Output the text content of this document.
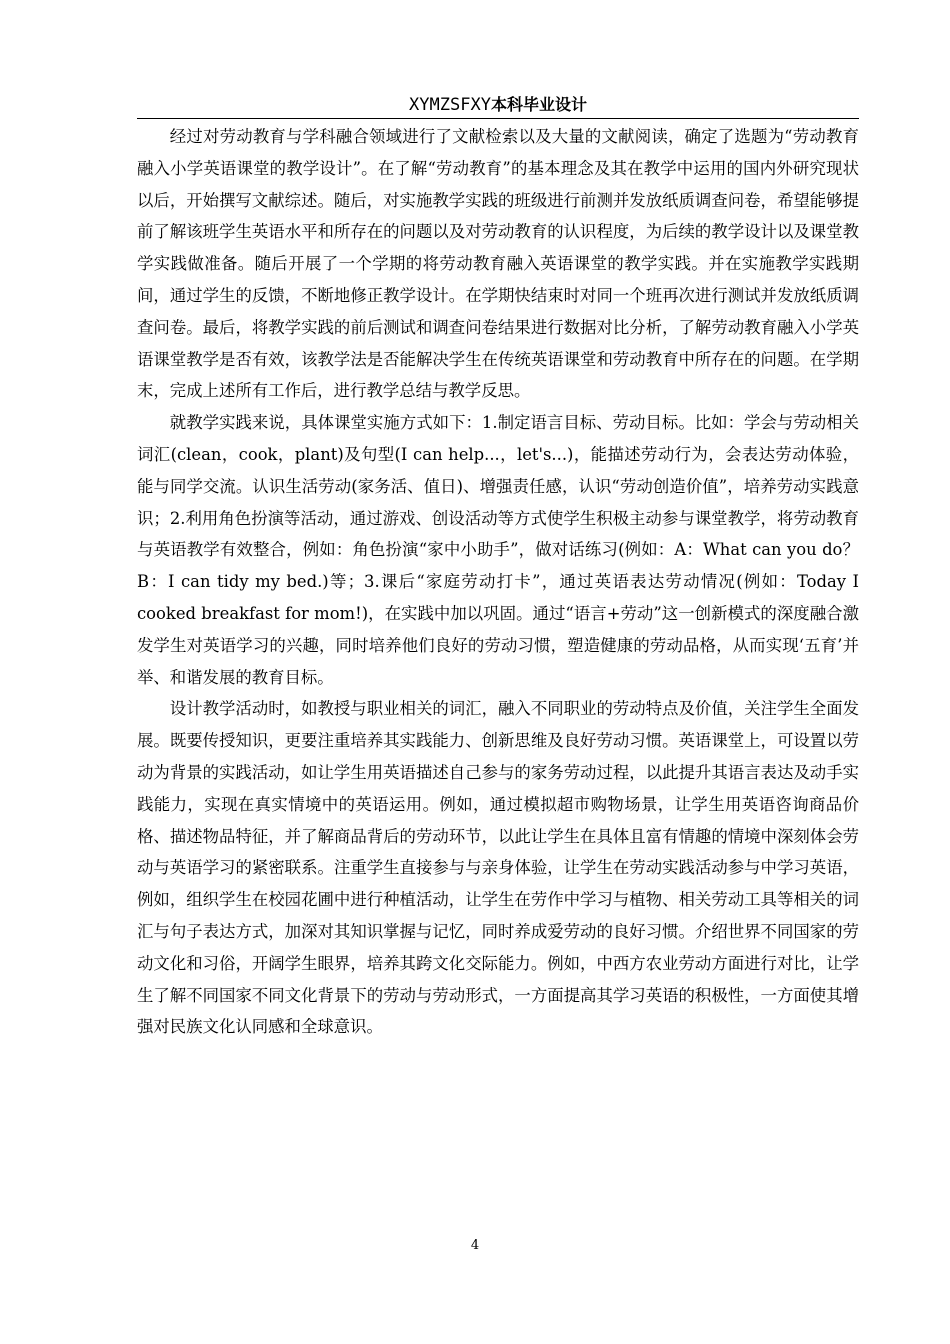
XYMZSFXY本科毕业设计

经过对劳动教育与学科融合领域进行了文献检索以及大量的文献阅读，确定了选题为“劳动教育融入小学英语课堂的教学设计”。在了解“劳动教育”的基本理念及其在教学中运用的国内外研究现状以后，开始撰写文献综述。随后，对实施教学实践的班级进行前测并发放纸质调查问卷，希望能够提前了解该班学生英语水平和所存在的问题以及对劳动教育的认识程度，为后续的教学设计以及课堂教学实践做准备。随后开展了一个学期的将劳动教育融入英语课堂的教学实践。并在实施教学实践期间，通过学生的反馈，不断地修正教学设计。在学期快结束时对同一个班再次进行测试并发放纸质调查问卷。最后，将教学实践的前后测试和调查问卷结果进行数据对比分析，了解劳动教育融入小学英语课堂教学是否有效，该教学法是否能解决学生在传统英语课堂和劳动教育中所存在的问题。在学期末，完成上述所有工作后，进行教学总结与教学反思。

就教学实践来说，具体课堂实施方式如下：1.制定语言目标、劳动目标。比如：学会与劳动相关词汇(clean，cook，plant)及句型(I can help...，let's...)，能描述劳动行为，会表达劳动体验，能与同学交流。认识生活劳动(家务活、值日)、增强责任感，认识“劳动创造价值”，培养劳动实践意识；2.利用角色扮演等活动，通过游戏、创设活动等方式使学生积极主动参与课堂教学，将劳动教育与英语教学有效整合，例如：角色扮演“家中小助手”，做对话练习(例如：A：What can you do？B：I can tidy my bed.)等；3.课后“家庭劳动打卡”，通过英语表达劳动情况(例如：Today I cooked breakfast for mom!)，在实践中加以巩固。通过“语言+劳动”这一创新模式的深度融合激发学生对英语学习的兴趣，同时培养他们良好的劳动习惯，塑造健康的劳动品格，从而实现‘五育’并举、和谐发展的教育目标。

设计教学活动时，如教授与职业相关的词汇，融入不同职业的劳动特点及价值，关注学生全面发展。既要传授知识，更要注重培养其实践能力、创新思维及良好劳动习惯。英语课堂上，可设置以劳动为背景的实践活动，如让学生用英语描述自己参与的家务劳动过程，以此提升其语言表达及动手实践能力，实现在真实情境中的英语运用。例如，通过模拟超市购物场景，让学生用英语咨询商品价格、描述物品特征，并了解商品背后的劳动环节，以此让学生在具体且富有情趣的情境中深刻体会劳动与英语学习的紧密联系。注重学生直接参与与亲身体验，让学生在劳动实践活动参与中学习英语，例如，组织学生在校园花圃中进行种植活动，让学生在劳作中学习与植物、相关劳动工具等相关的词汇与句子表达方式，加深对其知识掌握与记忆，同时养成爱劳动的良好习惯。介绍世界不同国家的劳动文化和习俗，开阔学生眼界，培养其跨文化交际能力。例如，中西方农业劳动方面进行对比，让学生了解不同国家不同文化背景下的劳动与劳动形式，一方面提高其学习英语的积极性，一方面使其增强对民族文化认同感和全球意识。

4
